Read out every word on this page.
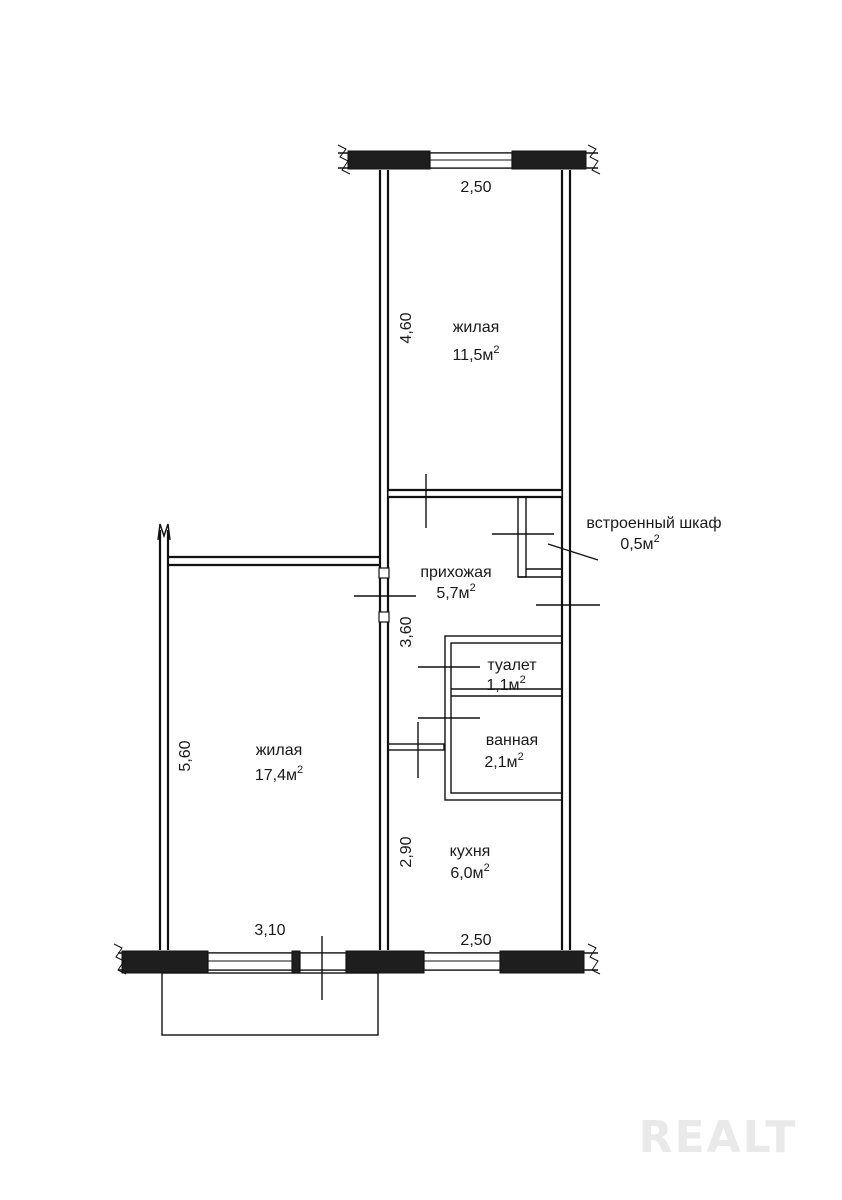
жилая
$11,5м^2$
встроенный шкаф
$0,5м^2$
прихожая
$5,7м^2$
туалет
$1,1м^2$
ванная
$2,1м^2$
жилая
$17,4м^2$
кухня
$6,0м^2$
2,50
4,60
3,60
5,60
2,90
3,10
2,50
REALT
